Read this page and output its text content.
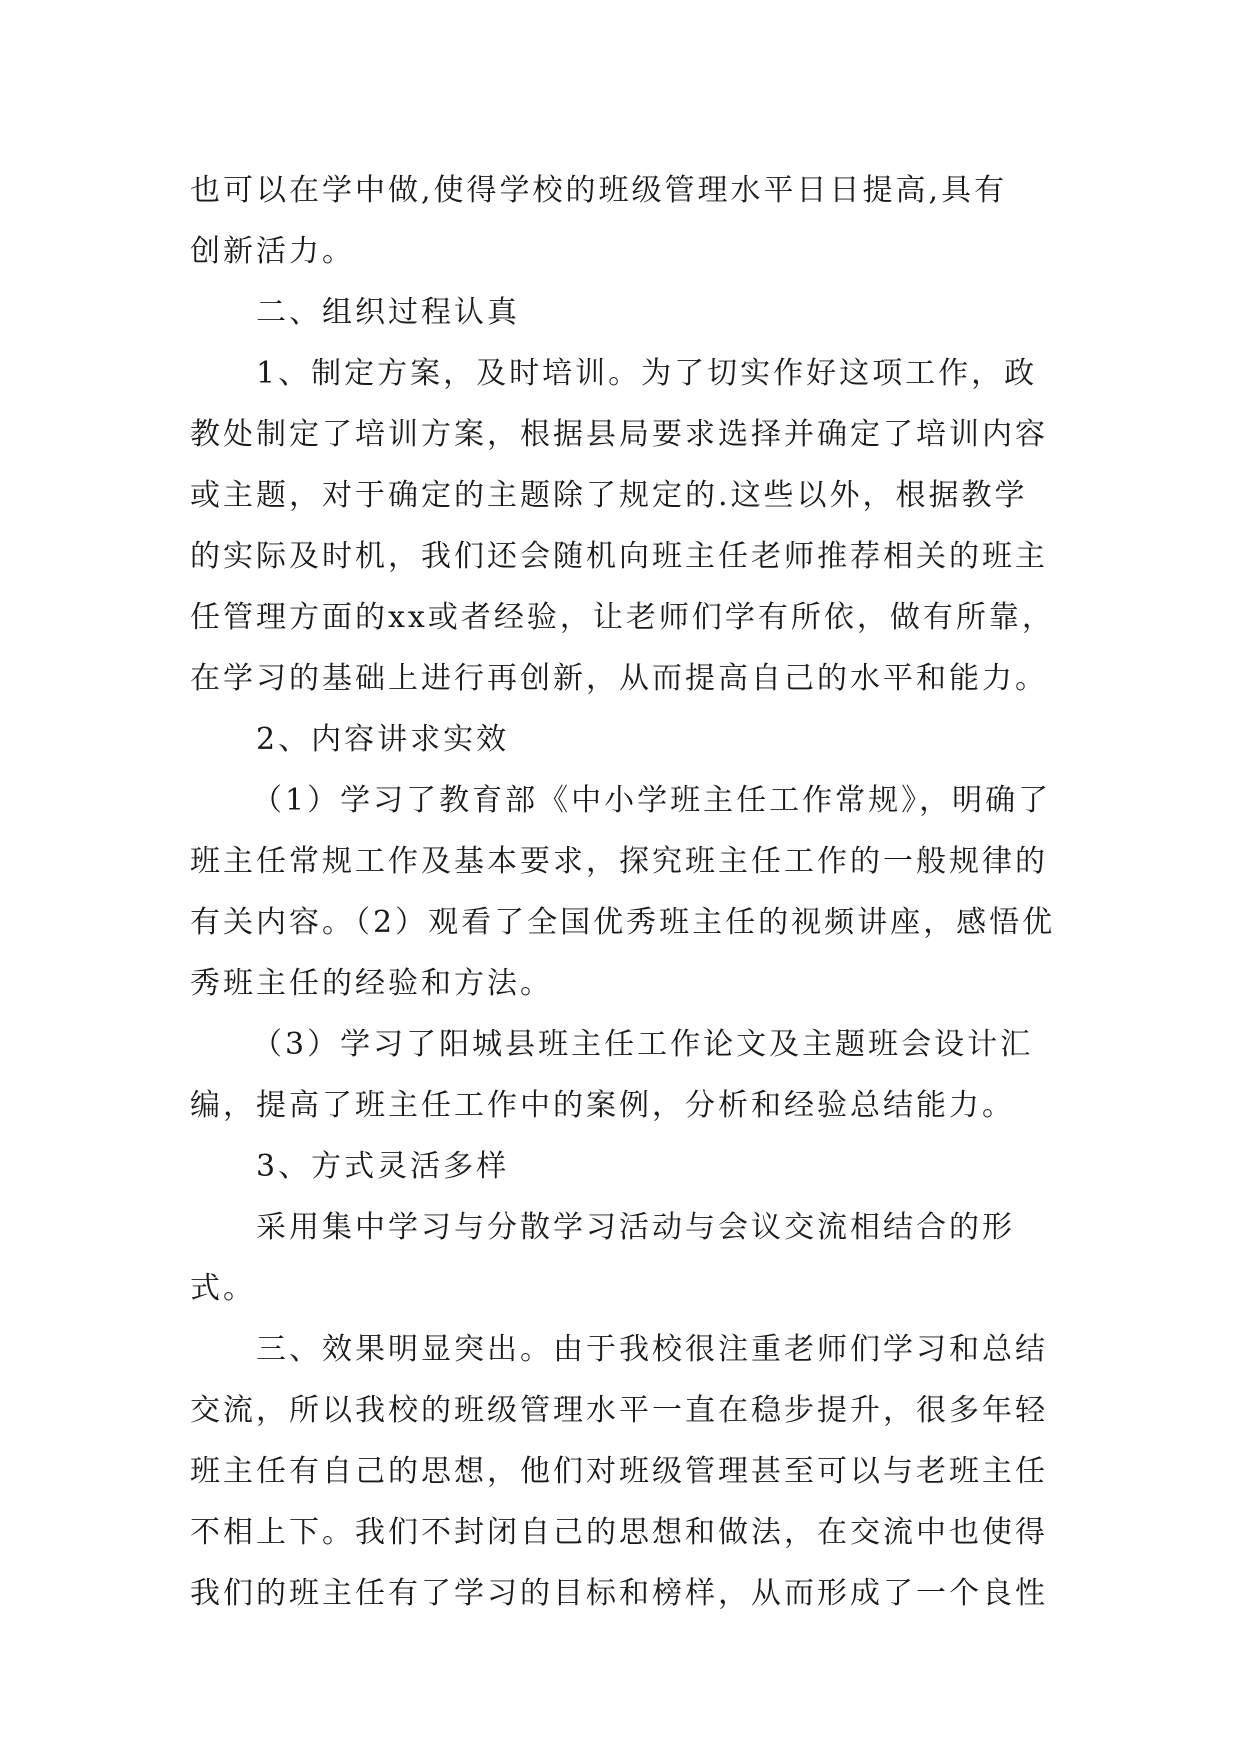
也可以在学中做,使得学校的班级管理水平日日提高,具有
创新活力。
二、组织过程认真
1、制定方案，及时培训。为了切实作好这项工作，政
教处制定了培训方案，根据县局要求选择并确定了培训内容
或主题，对于确定的主题除了规定的.这些以外，根据教学
的实际及时机，我们还会随机向班主任老师推荐相关的班主
任管理方面的xx或者经验，让老师们学有所依，做有所靠，
在学习的基础上进行再创新，从而提高自己的水平和能力。
2、内容讲求实效
（1）学习了教育部《中小学班主任工作常规》，明确了
班主任常规工作及基本要求，探究班主任工作的一般规律的
有关内容。（2）观看了全国优秀班主任的视频讲座，感悟优
秀班主任的经验和方法。
（3）学习了阳城县班主任工作论文及主题班会设计汇
编，提高了班主任工作中的案例，分析和经验总结能力。
3、方式灵活多样
采用集中学习与分散学习活动与会议交流相结合的形
式。
三、效果明显突出。由于我校很注重老师们学习和总结
交流，所以我校的班级管理水平一直在稳步提升，很多年轻
班主任有自己的思想，他们对班级管理甚至可以与老班主任
不相上下。我们不封闭自己的思想和做法，在交流中也使得
我们的班主任有了学习的目标和榜样，从而形成了一个良性
